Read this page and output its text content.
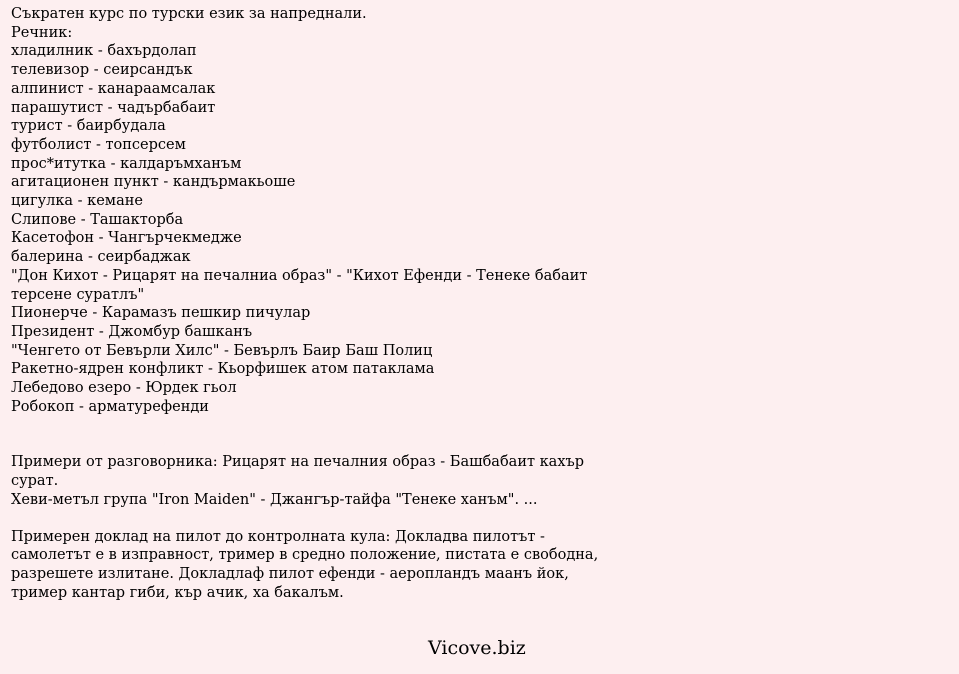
Съкратен курс по турски език за напреднали.
Речник:
хладилник - бахърдолап
телевизор - сеирсандък
алпинист - канараамсалак
парашутист - чадърбабаит
турист - баирбудала
футболист - топсерсем
прос*итутка - калдаръмханъм
агитационен пункт - кандърмакьоше
цигулка - кемане
Слипове - Ташакторба
Касетофон - Чангърчекмедже
балерина - сеирбаджак
"Дон Кихот - Рицарят на печалниа образ" - "Кихот Ефенди - Тенеке бабаит терсене суратлъ"
Пионерче - Карамазъ пешкир пичулар
Президент - Джомбур башканъ
"Ченгето от Бевърли Хилс" - Бевърлъ Баир Баш Полиц
Ракетно-ядрен конфликт - Кьорфишек атом патаклама
Лебедово езеро - Юрдек гьол
Робокоп - арматурефенди
Примери от разговорника: Рицарят на печалния образ - Башбабаит кахър сурат.
Хеви-метъл група "Iron Maiden" - Джангър-тайфа "Тенеке ханъм". ...
Примерен доклад на пилот до контролната кула: Докладва пилотът - самолетът е в изправност, тример в средно положение, пистата е свободна, разрешете излитане. Докладлаф пилот ефенди - аеропландъ маанъ йок, тример кантар гиби, кър ачик, ха бакалъм.
Vicove.biz
